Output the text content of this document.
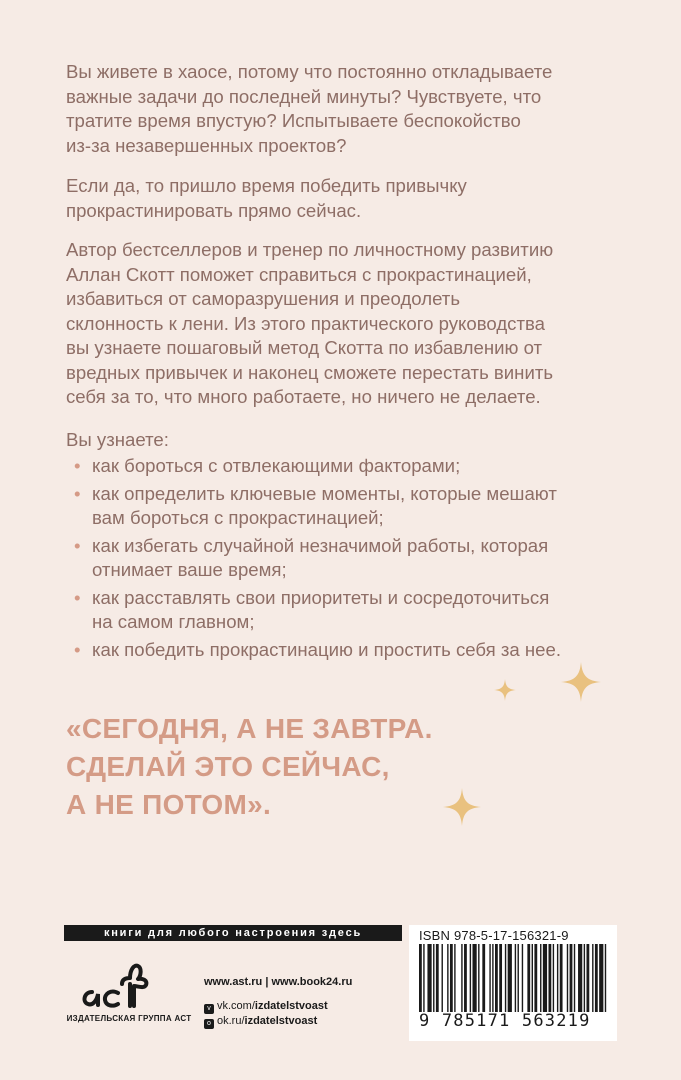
Вы живете в хаосе, потому что постоянно откладываете

важные задачи до последней минуты? Чувствуете, что

тратите время впустую? Испытываете беспокойство

из-за незавершенных проектов?

Если да, то пришло время победить привычку

прокрастинировать прямо сейчас.

Автор бестселлеров и тренер по личностному развитию

Аллан Скотт поможет справиться с прокрастинацией,

избавиться от саморазрушения и преодолеть

склонность к лени. Из этого практического руководства

вы узнаете пошаговый метод Скотта по избавлению от

вредных привычек и наконец сможете перестать винить

себя за то, что много работаете, но ничего не делаете.

Вы узнаете:

• как бороться с отвлекающими факторами;
• как определить ключевые моменты, которые мешают
вам бороться с прокрастинацией;
• как избегать случайной незначимой работы, которая
отнимает ваше время;
• как расставлять свои приоритеты и сосредоточиться
на самом главном;
• как победить прокрастинацию и простить себя за нее.
«СЕГОДНЯ, А НЕ ЗАВТРА.
СДЕЛАЙ ЭТО СЕЙЧАС,
А НЕ ПОТОМ».
книги для любого настроения здесь
ИЗДАТЕЛЬСКАЯ ГРУППА АСТ
www.ast.ru | www.book24.ru
v vk.com/izdatelstvoast
o ok.ru/izdatelstvoast
ISBN 978-5-17-156321-9
9 785171 563219
